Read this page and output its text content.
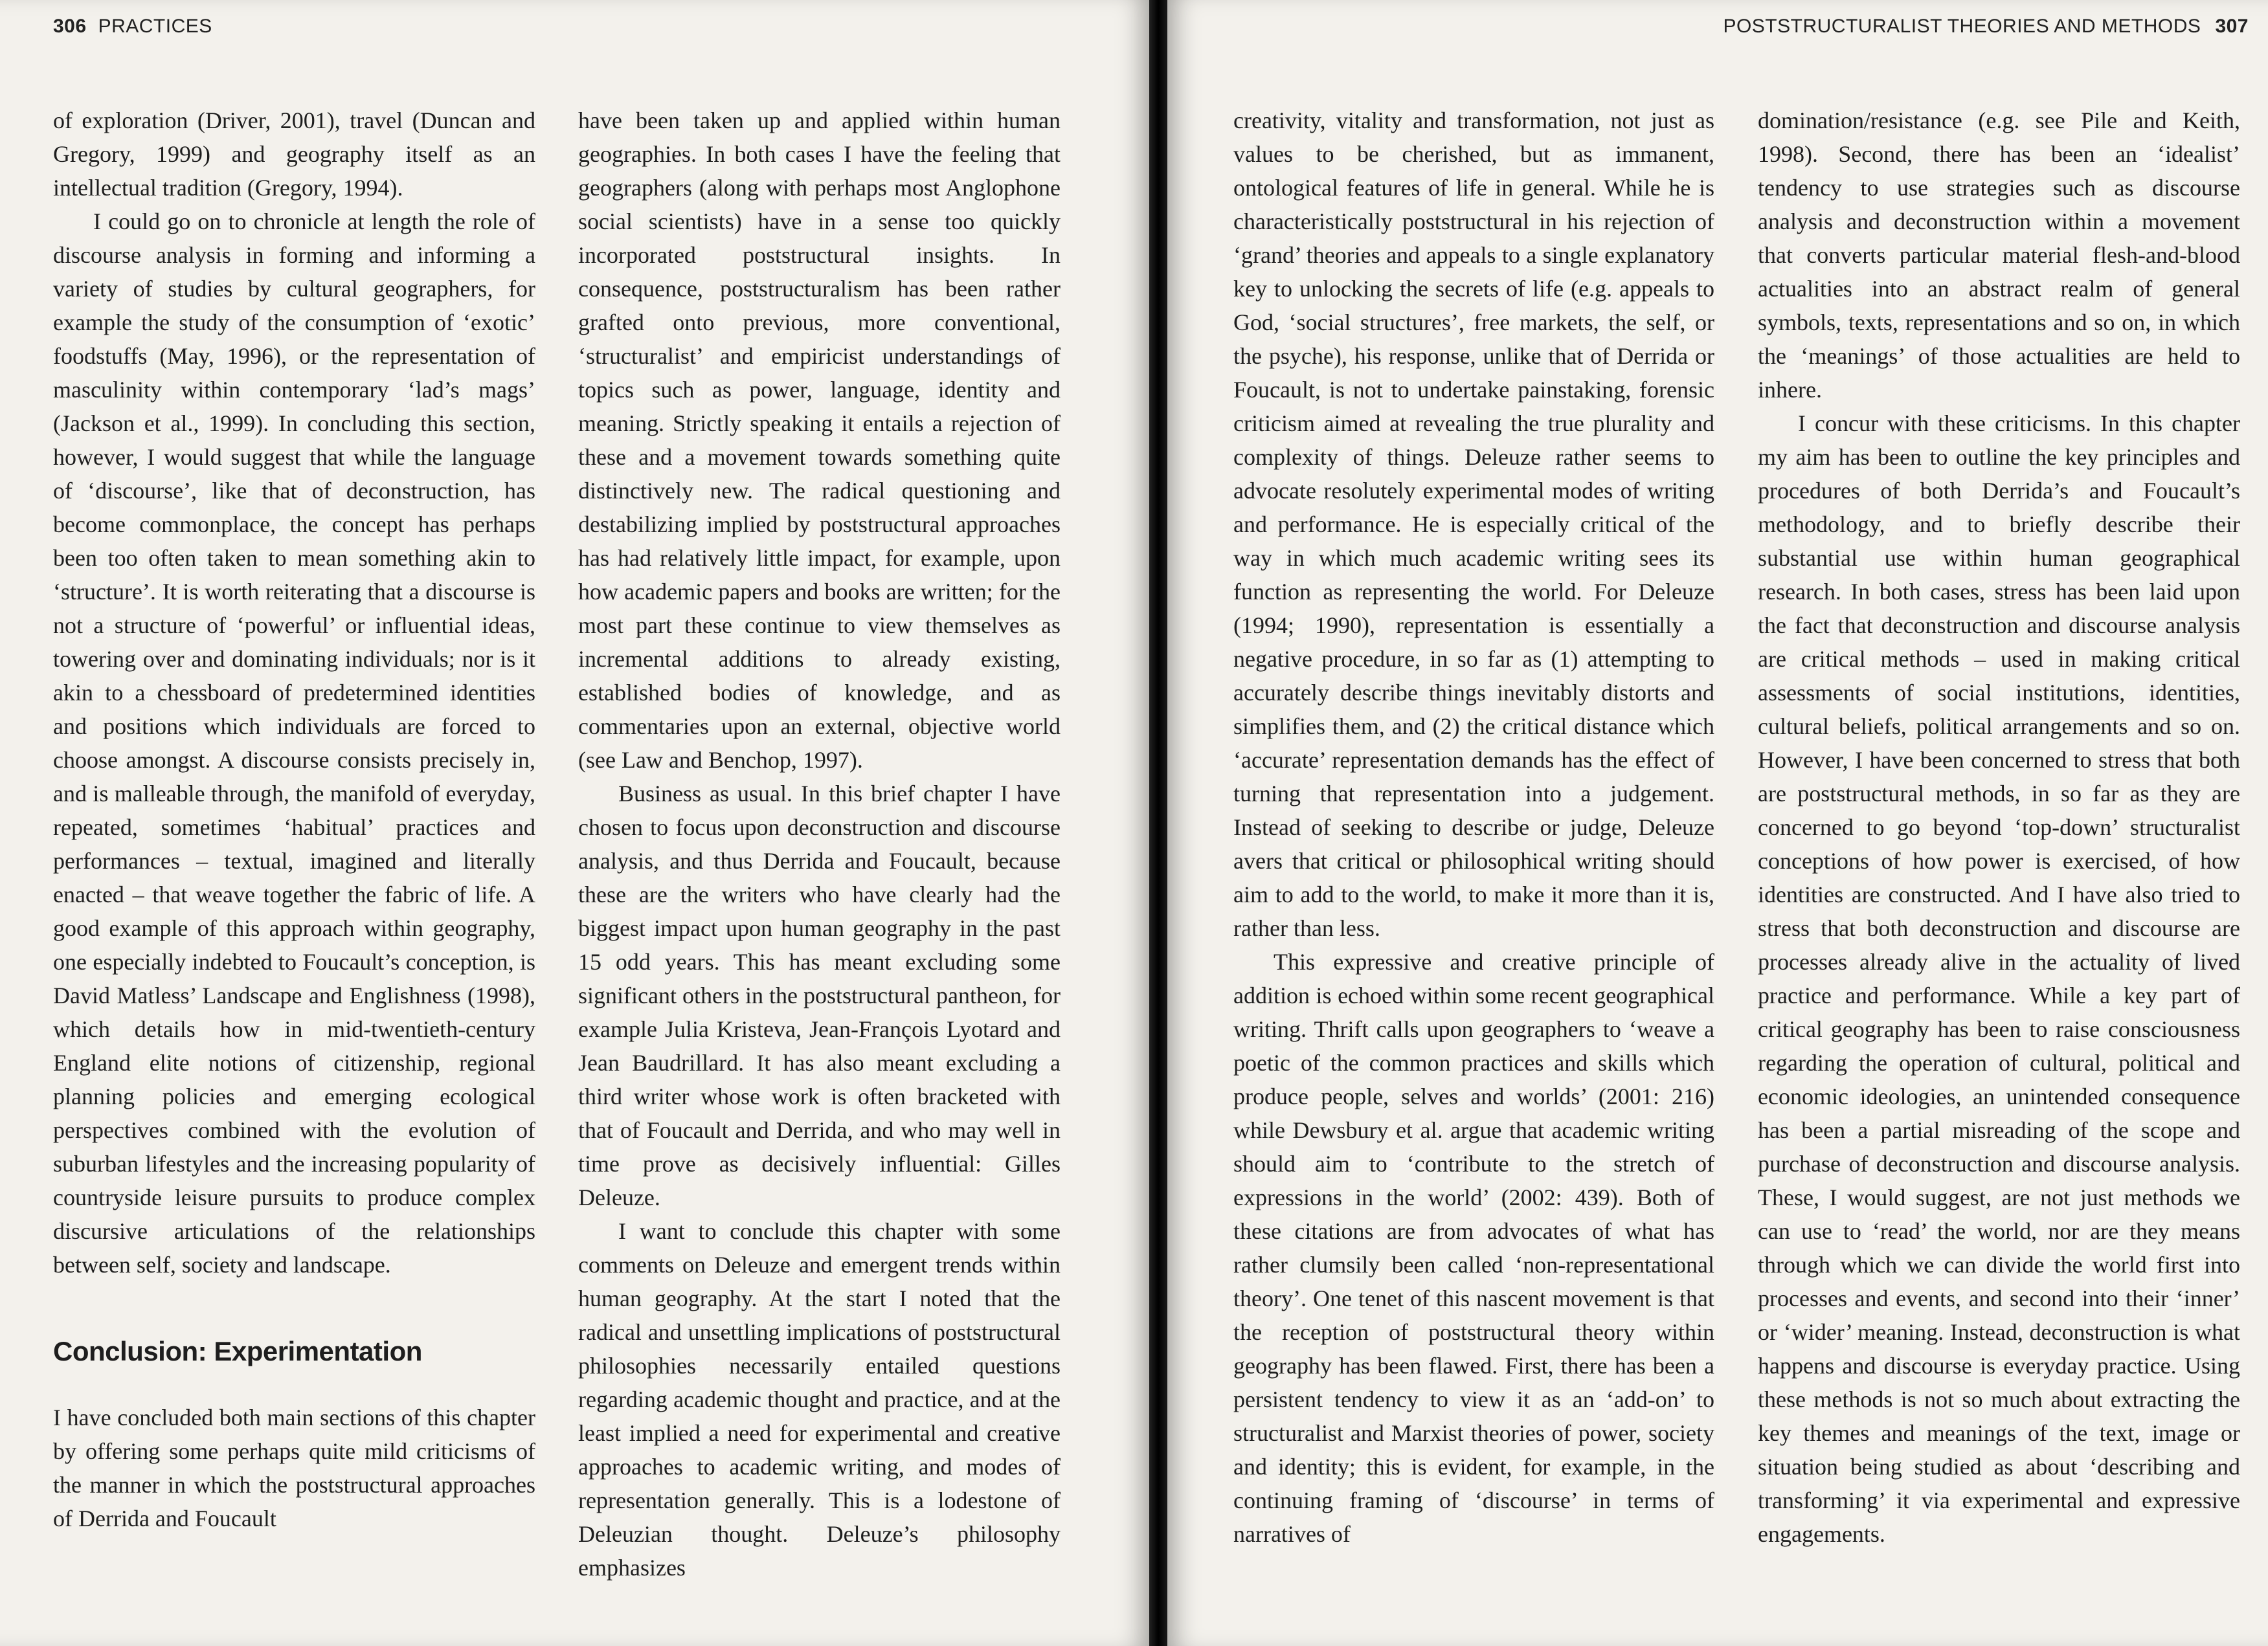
306 PRACTICES

of exploration (Driver, 2001), travel (Duncan and Gregory, 1999) and geography itself as an intellectual tradition (Gregory, 1994).

I could go on to chronicle at length the role of discourse analysis in forming and informing a variety of studies by cultural geographers, for example the study of the consumption of ‘exotic’ foodstuffs (May, 1996), or the representation of masculinity within contemporary ‘lad’s mags’ (Jackson et al., 1999). In concluding this section, however, I would suggest that while the language of ‘discourse’, like that of deconstruction, has become commonplace, the concept has perhaps been too often taken to mean something akin to ‘structure’. It is worth reiterating that a discourse is not a structure of ‘powerful’ or influential ideas, towering over and dominating individuals; nor is it akin to a chessboard of predetermined identities and positions which individuals are forced to choose amongst. A discourse consists precisely in, and is malleable through, the manifold of everyday, repeated, sometimes ‘habitual’ practices and performances – textual, imagined and literally enacted – that weave together the fabric of life. A good example of this approach within geography, one especially indebted to Foucault’s conception, is David Matless’ Landscape and Englishness (1998), which details how in mid-twentieth-century England elite notions of citizenship, regional planning policies and emerging ecological perspectives combined with the evolution of suburban lifestyles and the increasing popularity of countryside leisure pursuits to produce complex discursive articulations of the relationships between self, society and landscape.

Conclusion: Experimentation

I have concluded both main sections of this chapter by offering some perhaps quite mild criticisms of the manner in which the poststructural approaches of Derrida and Foucault

have been taken up and applied within human geographies. In both cases I have the feeling that geographers (along with perhaps most Anglophone social scientists) have in a sense too quickly incorporated poststructural insights. In consequence, poststructuralism has been rather grafted onto previous, more conventional, ‘structuralist’ and empiricist understandings of topics such as power, language, identity and meaning. Strictly speaking it entails a rejection of these and a movement towards something quite distinctively new. The radical questioning and destabilizing implied by poststructural approaches has had relatively little impact, for example, upon how academic papers and books are written; for the most part these continue to view themselves as incremental additions to already existing, established bodies of knowledge, and as commentaries upon an external, objective world (see Law and Benchop, 1997).

Business as usual. In this brief chapter I have chosen to focus upon deconstruction and discourse analysis, and thus Derrida and Foucault, because these are the writers who have clearly had the biggest impact upon human geography in the past 15 odd years. This has meant excluding some significant others in the poststructural pantheon, for example Julia Kristeva, Jean-François Lyotard and Jean Baudrillard. It has also meant excluding a third writer whose work is often bracketed with that of Foucault and Derrida, and who may well in time prove as decisively influential: Gilles Deleuze.

I want to conclude this chapter with some comments on Deleuze and emergent trends within human geography. At the start I noted that the radical and unsettling implications of poststructural philosophies necessarily entailed questions regarding academic thought and practice, and at the least implied a need for experimental and creative approaches to academic writing, and modes of representation generally. This is a lodestone of Deleuzian thought. Deleuze’s philosophy emphasizes

POSTSTRUCTURALIST THEORIES AND METHODS 307

creativity, vitality and transformation, not just as values to be cherished, but as immanent, ontological features of life in general. While he is characteristically poststructural in his rejection of ‘grand’ theories and appeals to a single explanatory key to unlocking the secrets of life (e.g. appeals to God, ‘social structures’, free markets, the self, or the psyche), his response, unlike that of Derrida or Foucault, is not to undertake painstaking, forensic criticism aimed at revealing the true plurality and complexity of things. Deleuze rather seems to advocate resolutely experimental modes of writing and performance. He is especially critical of the way in which much academic writing sees its function as representing the world. For Deleuze (1994; 1990), representation is essentially a negative procedure, in so far as (1) attempting to accurately describe things inevitably distorts and simplifies them, and (2) the critical distance which ‘accurate’ representation demands has the effect of turning that representation into a judgement. Instead of seeking to describe or judge, Deleuze avers that critical or philosophical writing should aim to add to the world, to make it more than it is, rather than less.

This expressive and creative principle of addition is echoed within some recent geographical writing. Thrift calls upon geographers to ‘weave a poetic of the common practices and skills which produce people, selves and worlds’ (2001: 216) while Dewsbury et al. argue that academic writing should aim to ‘contribute to the stretch of expressions in the world’ (2002: 439). Both of these citations are from advocates of what has rather clumsily been called ‘non-representational theory’. One tenet of this nascent movement is that the reception of poststructural theory within geography has been flawed. First, there has been a persistent tendency to view it as an ‘add-on’ to structuralist and Marxist theories of power, society and identity; this is evident, for example, in the continuing framing of ‘discourse’ in terms of narratives of

domination/resistance (e.g. see Pile and Keith, 1998). Second, there has been an ‘idealist’ tendency to use strategies such as discourse analysis and deconstruction within a movement that converts particular material flesh-and-blood actualities into an abstract realm of general symbols, texts, representations and so on, in which the ‘meanings’ of those actualities are held to inhere.

I concur with these criticisms. In this chapter my aim has been to outline the key principles and procedures of both Derrida’s and Foucault’s methodology, and to briefly describe their substantial use within human geographical research. In both cases, stress has been laid upon the fact that deconstruction and discourse analysis are critical methods – used in making critical assessments of social institutions, identities, cultural beliefs, political arrangements and so on. However, I have been concerned to stress that both are poststructural methods, in so far as they are concerned to go beyond ‘top-down’ structuralist conceptions of how power is exercised, of how identities are constructed. And I have also tried to stress that both deconstruction and discourse are processes already alive in the actuality of lived practice and performance. While a key part of critical geography has been to raise consciousness regarding the operation of cultural, political and economic ideologies, an unintended consequence has been a partial misreading of the scope and purchase of deconstruction and discourse analysis. These, I would suggest, are not just methods we can use to ‘read’ the world, nor are they means through which we can divide the world first into processes and events, and second into their ‘inner’ or ‘wider’ meaning. Instead, deconstruction is what happens and discourse is everyday practice. Using these methods is not so much about extracting the key themes and meanings of the text, image or situation being studied as about ‘describing and transforming’ it via experimental and expressive engagements.
